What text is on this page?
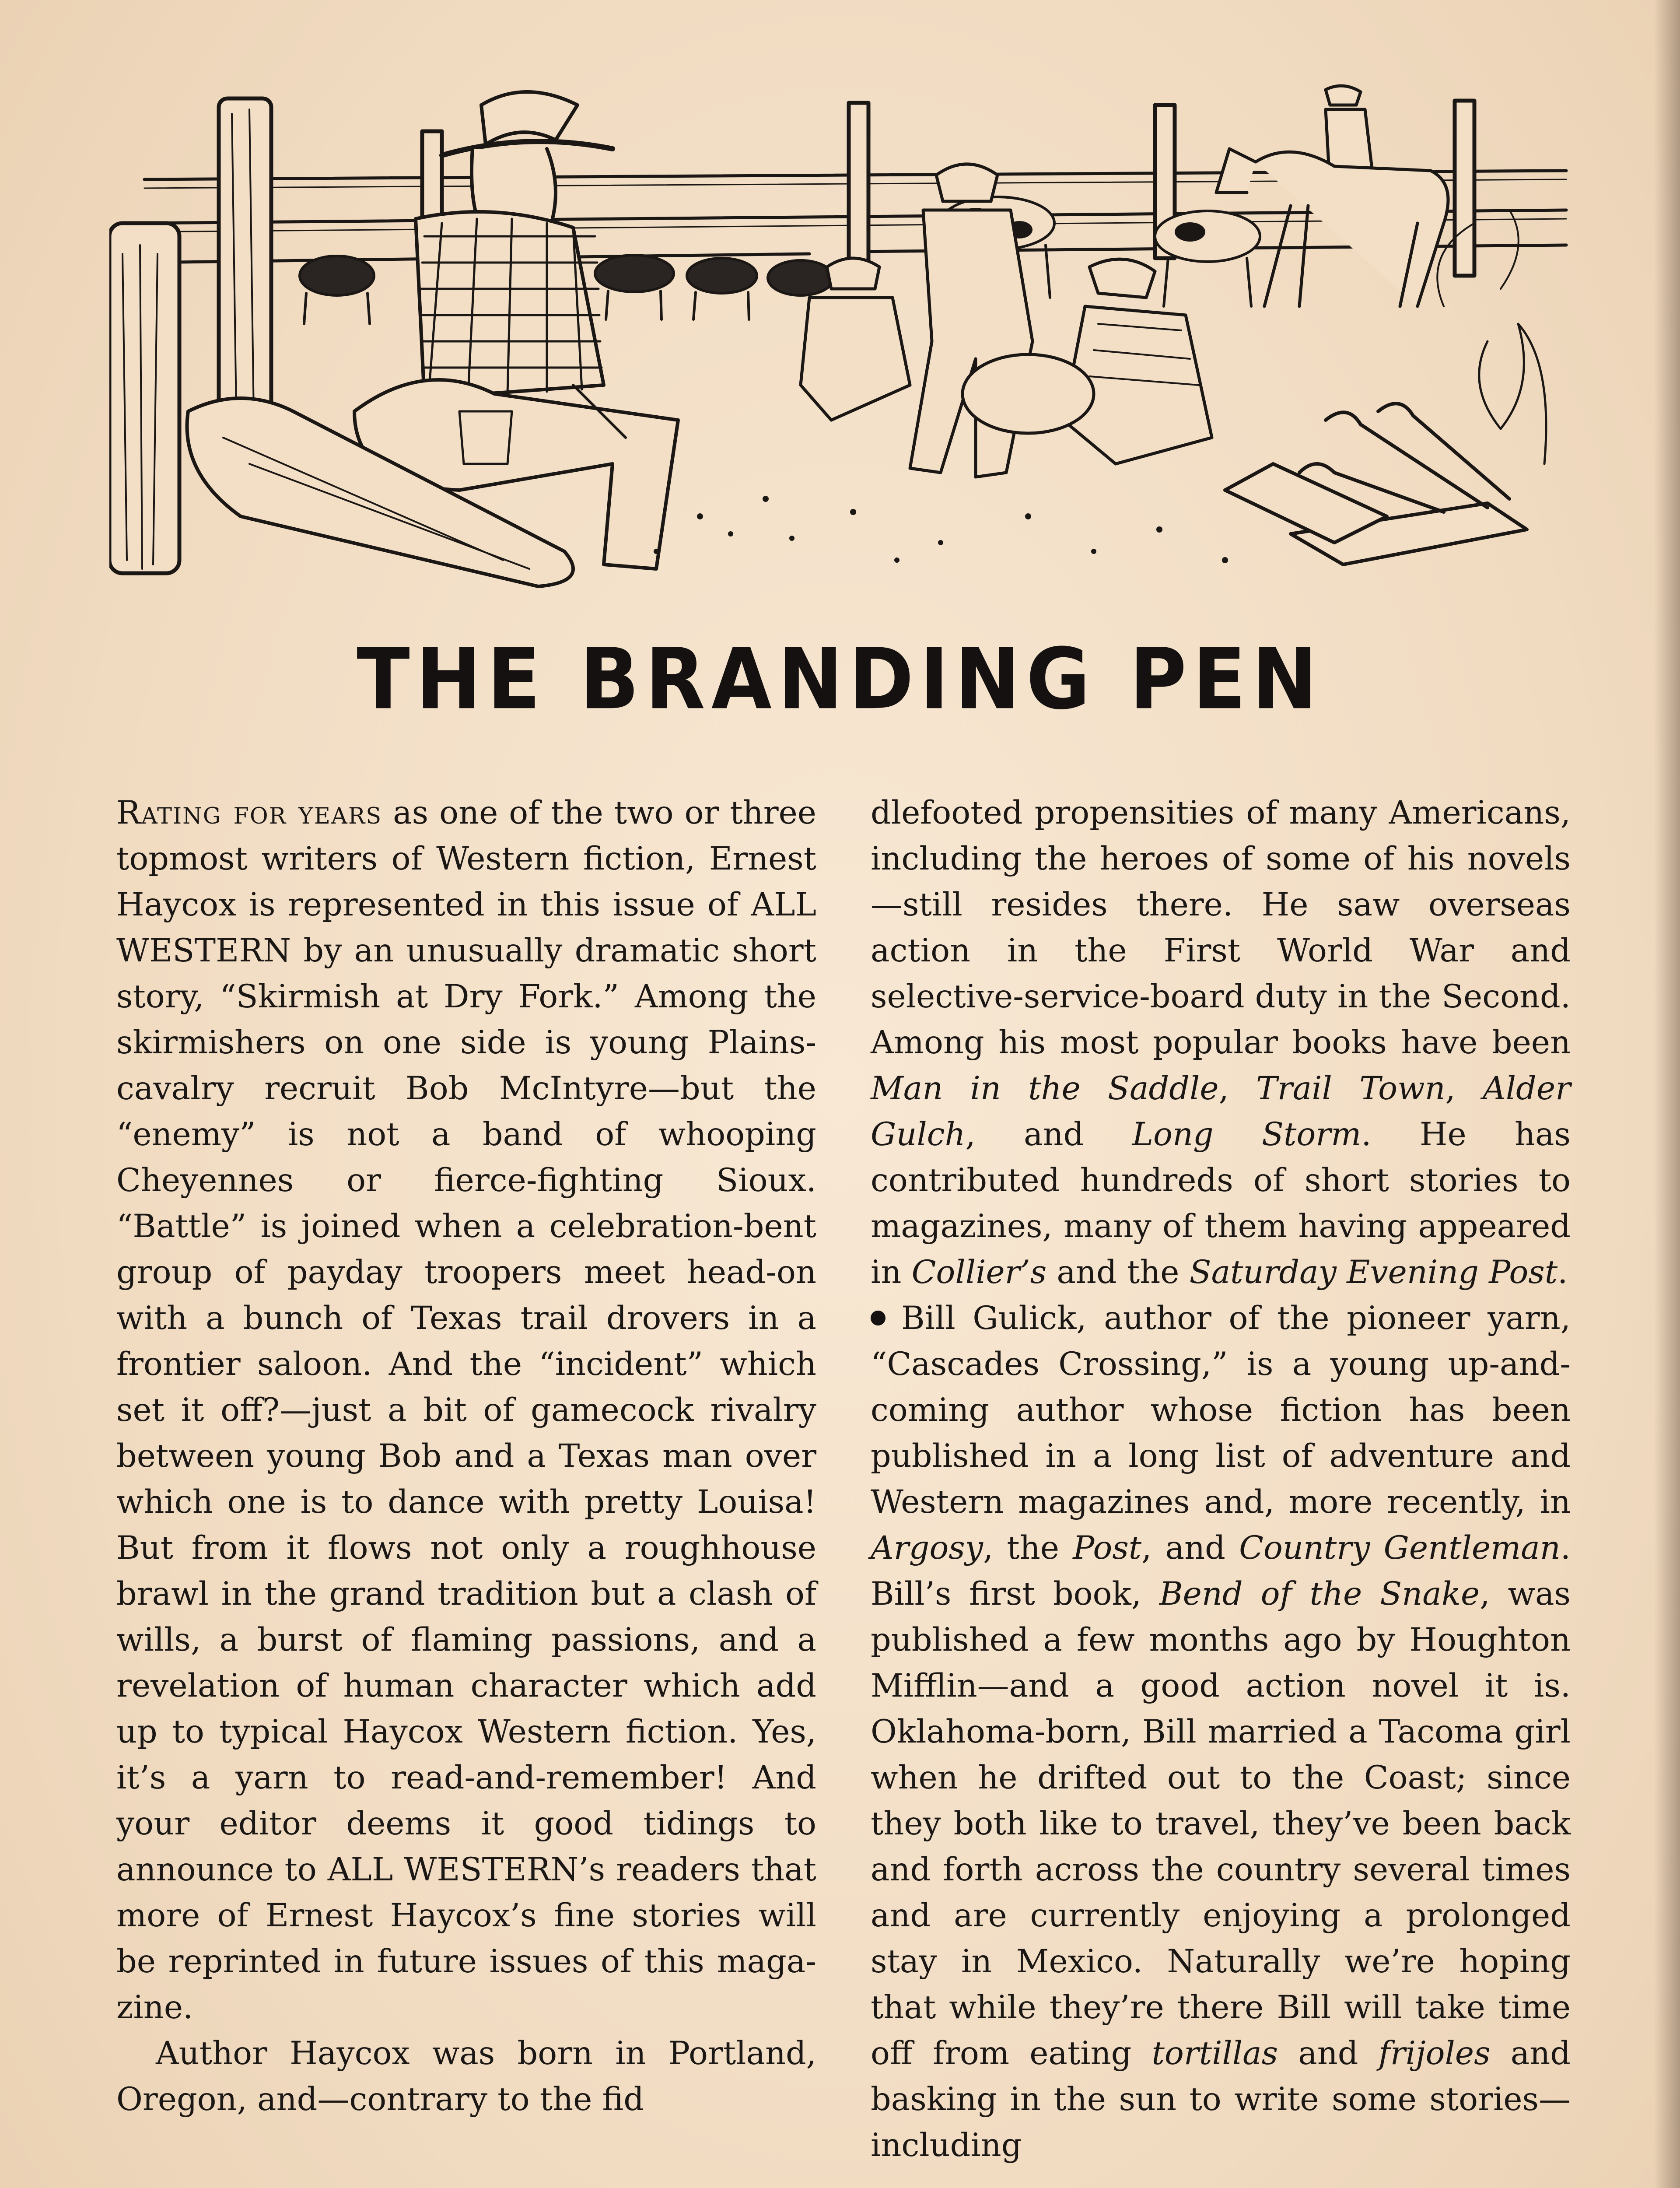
THE BRANDING PEN

Rating for years as one of the two or three topmost writers of Western fiction, Ernest Haycox is represented in this issue of ALL WESTERN by an unusually dramatic short story, “Skirmish at Dry Fork.” Among the skirmishers on one side is young Plains-cavalry recruit Bob McIntyre—but the “enemy” is not a band of whooping Cheyennes or fierce-fighting Sioux. “Battle” is joined when a celebration-bent group of payday troopers meet head-on with a bunch of Texas trail drovers in a frontier saloon. And the “incident” which set it off?—just a bit of gamecock rivalry between young Bob and a Texas man over which one is to dance with pretty Louisa! But from it flows not only a roughhouse brawl in the grand tradition but a clash of wills, a burst of flaming passions, and a revelation of human character which add up to typical Haycox Western fiction. Yes, it’s a yarn to read-and-remember! And your editor deems it good tidings to announce to ALL WESTERN’s readers that more of Ernest Haycox’s fine stories will be reprinted in future issues of this magazine.

Author Haycox was born in Portland, Oregon, and—contrary to the fid

dlefooted propensities of many Americans, including the heroes of some of his novels—still resides there. He saw overseas action in the First World War and selective-service-board duty in the Second. Among his most popular books have been Man in the Saddle, Trail Town, Alder Gulch, and Long Storm. He has contributed hundreds of short stories to magazines, many of them having appeared in Collier’s and the Saturday Evening Post.

Bill Gulick, author of the pioneer yarn, “Cascades Crossing,” is a young up-and-coming author whose fiction has been published in a long list of adventure and Western magazines and, more recently, in Argosy, the Post, and Country Gentleman. Bill’s first book, Bend of the Snake, was published a few months ago by Houghton Mifflin—and a good action novel it is. Oklahoma-born, Bill married a Tacoma girl when he drifted out to the Coast; since they both like to travel, they’ve been back and forth across the country several times and are currently enjoying a prolonged stay in Mexico. Naturally we’re hoping that while they’re there Bill will take time off from eating tortillas and frijoles and basking in the sun to write some stories—including
